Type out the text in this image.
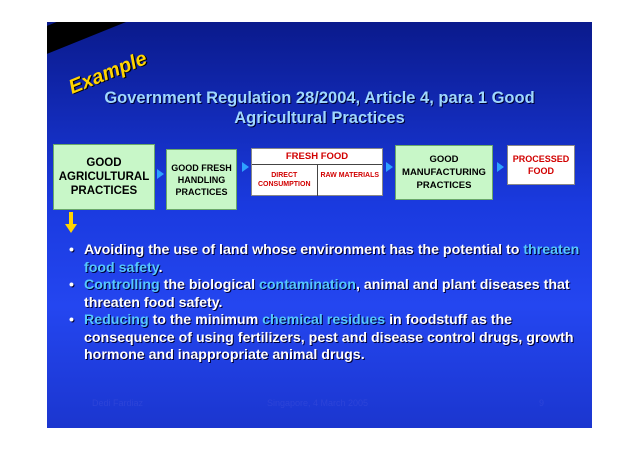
Example
Government Regulation 28/2004, Article 4, para 1 Good
Agricultural Practices
GOOD AGRICULTURAL PRACTICES
GOOD FRESH HANDLING PRACTICES
FRESH FOOD
DIRECT CONSUMPTION
RAW MATERIALS
GOOD MANUFACTURING PRACTICES
PROCESSED FOOD
• Avoiding the use of land whose environment has the potential to threaten food safety.
• Controlling the biological contamination, animal and plant diseases that threaten food safety.
• Reducing to the minimum chemical residues in foodstuff as the consequence of using fertilizers, pest and disease control drugs, growth hormone and inappropriate animal drugs.
Dedi Fardiaz	Singapore, 4 March 2005	9
